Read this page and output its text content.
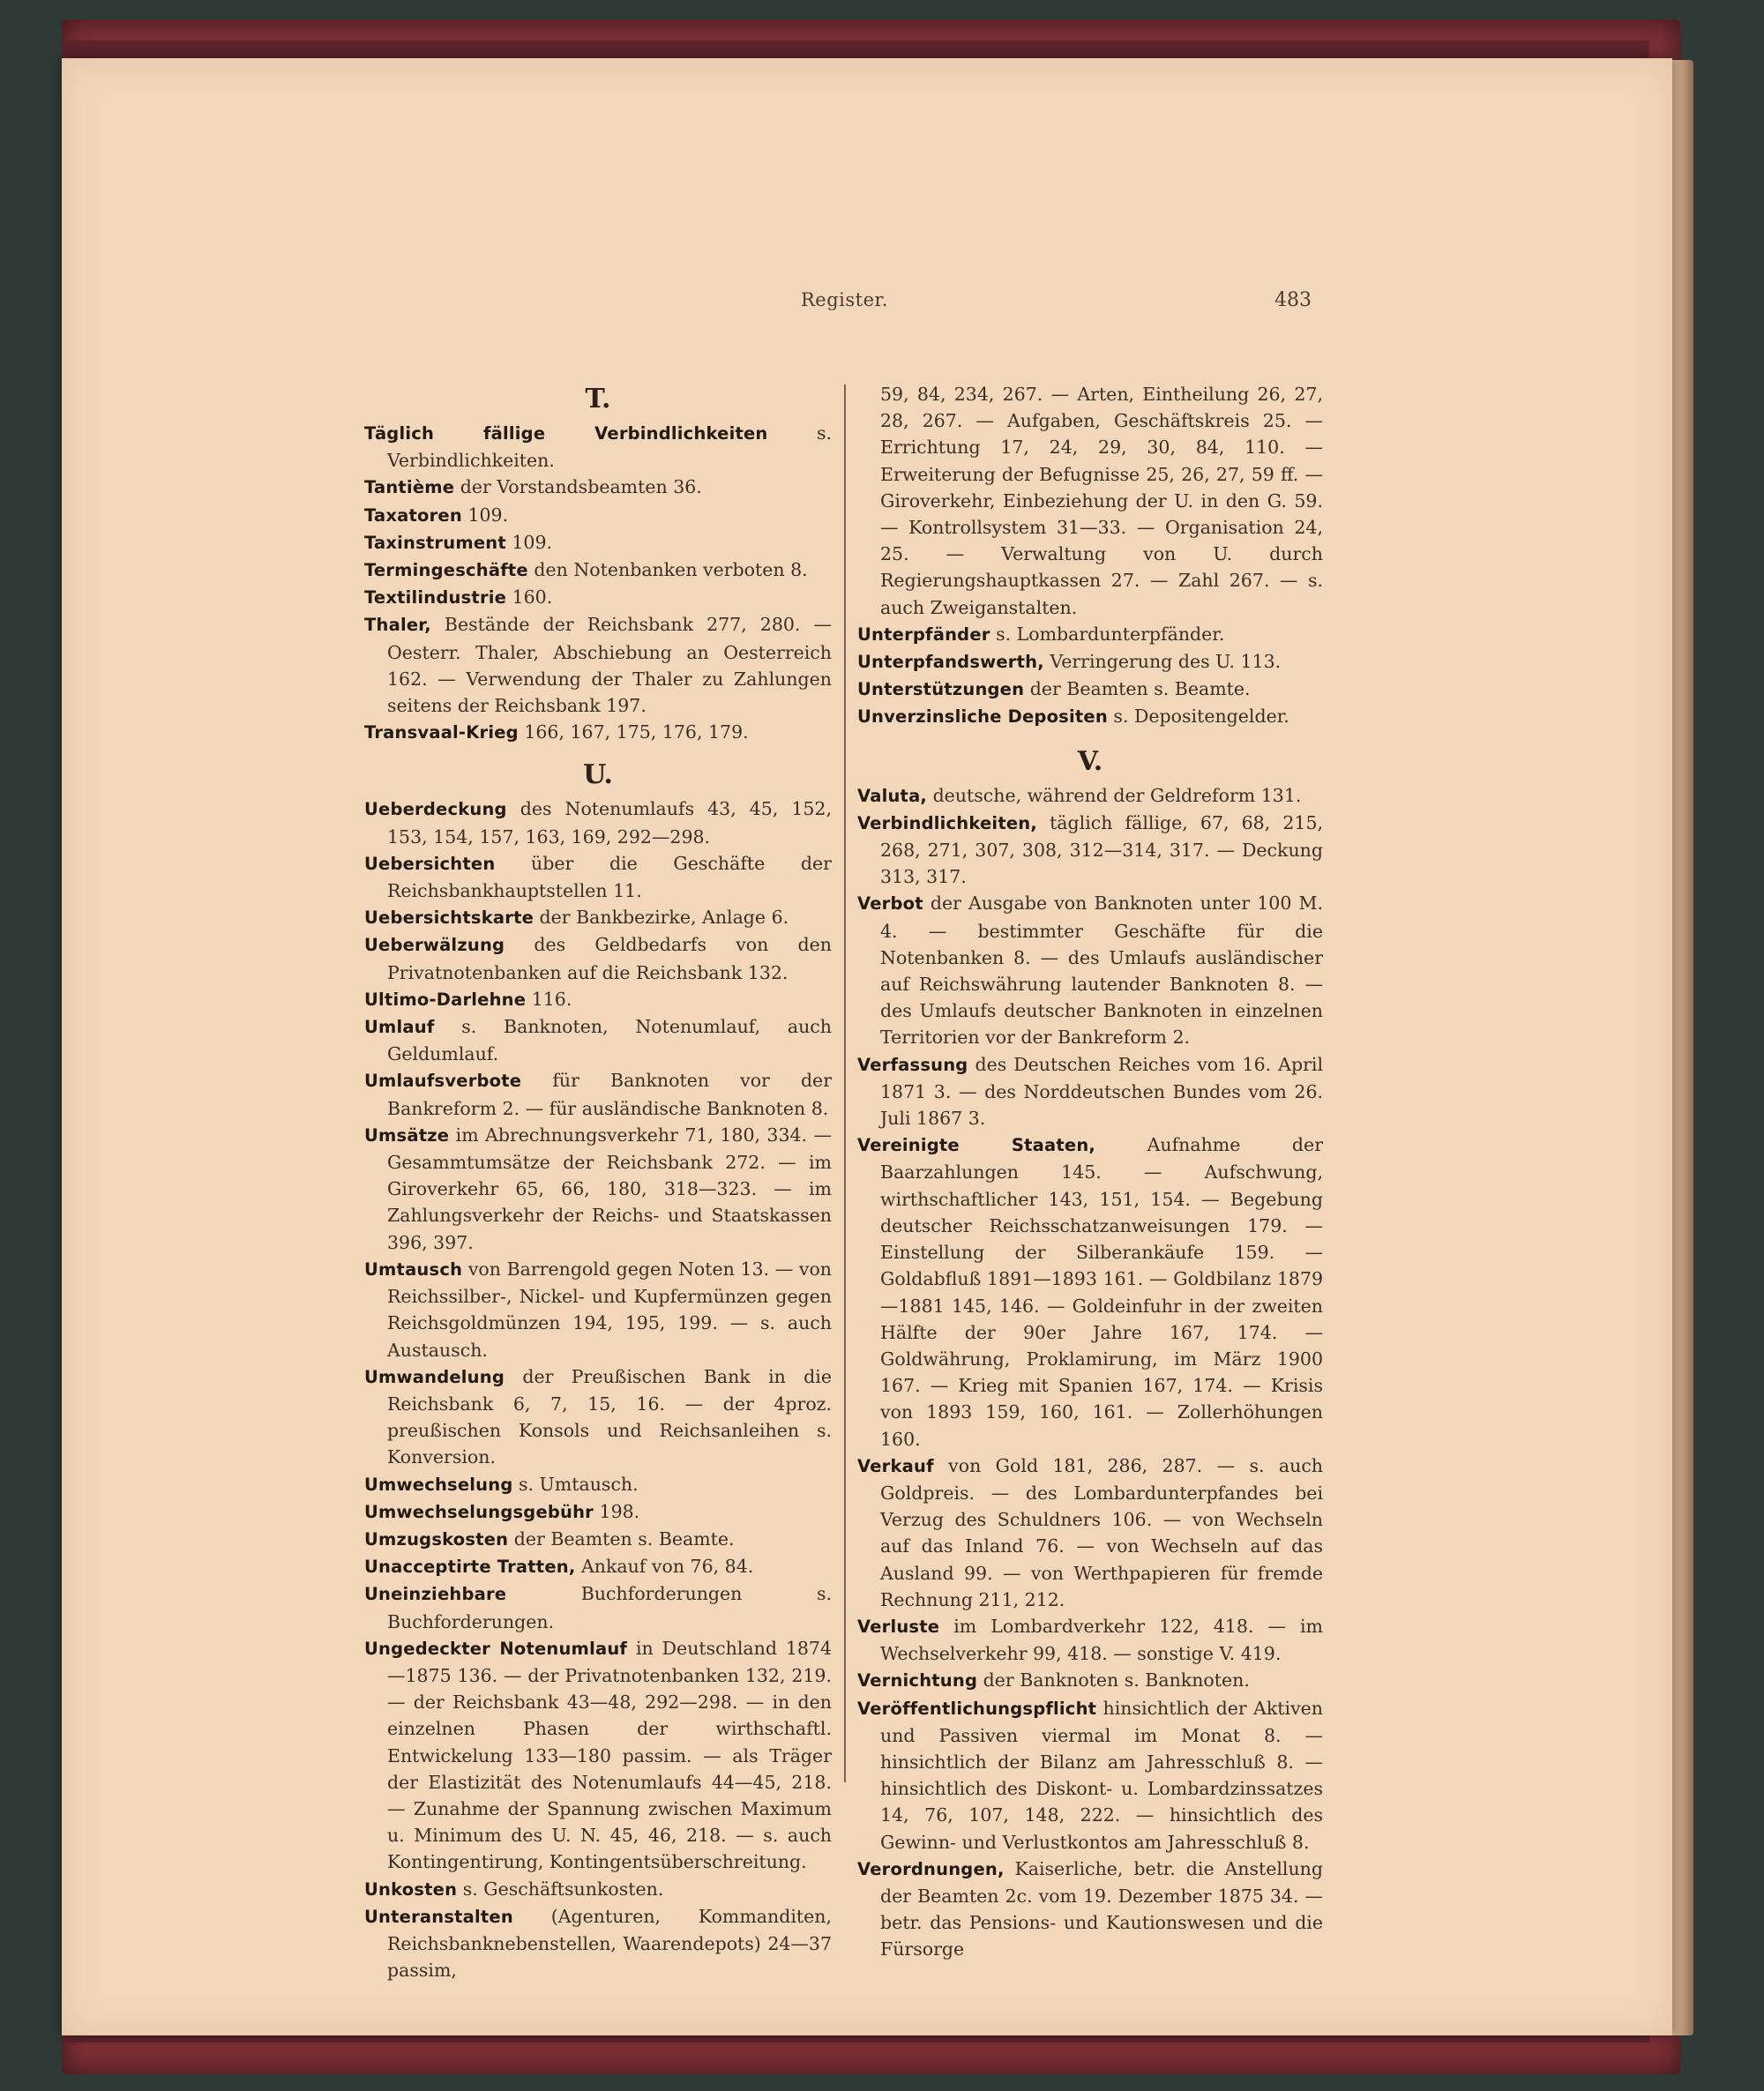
Register.	483
T.

Täglich fällige Verbindlichkeiten s. Verbindlichkeiten.

Tantième der Vorstandsbeamten 36.

Taxatoren 109.

Taxinstrument 109.

Termingeschäfte den Notenbanken verboten 8.

Textilindustrie 160.

Thaler, Bestände der Reichsbank 277, 280. — Oesterr. Thaler, Abschiebung an Oesterreich 162. — Verwendung der Thaler zu Zahlungen seitens der Reichsbank 197.

Transvaal-Krieg 166, 167, 175, 176, 179.

U.

Ueberdeckung des Notenumlaufs 43, 45, 152, 153, 154, 157, 163, 169, 292—298.

Uebersichten über die Geschäfte der Reichsbankhauptstellen 11.

Uebersichtskarte der Bankbezirke, Anlage 6.

Ueberwälzung des Geldbedarfs von den Privatnotenbanken auf die Reichsbank 132.

Ultimo-Darlehne 116.

Umlauf s. Banknoten, Notenumlauf, auch Geldumlauf.

Umlaufsverbote für Banknoten vor der Bankreform 2. — für ausländische Banknoten 8.

Umsätze im Abrechnungsverkehr 71, 180, 334. — Gesammtumsätze der Reichsbank 272. — im Giroverkehr 65, 66, 180, 318—323. — im Zahlungsverkehr der Reichs- und Staatskassen 396, 397.

Umtausch von Barrengold gegen Noten 13. — von Reichssilber-, Nickel- und Kupfermünzen gegen Reichsgoldmünzen 194, 195, 199. — s. auch Austausch.

Umwandelung der Preußischen Bank in die Reichsbank 6, 7, 15, 16. — der 4proz. preußischen Konsols und Reichsanleihen s. Konversion.

Umwechselung s. Umtausch.

Umwechselungsgebühr 198.

Umzugskosten der Beamten s. Beamte.

Unacceptirte Tratten, Ankauf von 76, 84.

Uneinziehbare Buchforderungen s. Buchforderungen.

Ungedeckter Notenumlauf in Deutschland 1874—1875 136. — der Privatnotenbanken 132, 219. — der Reichsbank 43—48, 292—298. — in den einzelnen Phasen der wirthschaftl. Entwickelung 133—180 passim. — als Träger der Elastizität des Notenumlaufs 44—45, 218. — Zunahme der Spannung zwischen Maximum u. Minimum des U. N. 45, 46, 218. — s. auch Kontingentirung, Kontingentsüberschreitung.

Unkosten s. Geschäftsunkosten.

Unteranstalten (Agenturen, Kommanditen, Reichsbanknebenstellen, Waarendepots) 24—37 passim,

59, 84, 234, 267. — Arten, Eintheilung 26, 27, 28, 267. — Aufgaben, Geschäftskreis 25. — Errichtung 17, 24, 29, 30, 84, 110. — Erweiterung der Befugnisse 25, 26, 27, 59 ff. — Giroverkehr, Einbeziehung der U. in den G. 59. — Kontrollsystem 31—33. — Organisation 24, 25. — Verwaltung von U. durch Regierungshauptkassen 27. — Zahl 267. — s. auch Zweiganstalten.

Unterpfänder s. Lombardunterpfänder.

Unterpfandswerth, Verringerung des U. 113.

Unterstützungen der Beamten s. Beamte.

Unverzinsliche Depositen s. Depositengelder.

V.

Valuta, deutsche, während der Geldreform 131.

Verbindlichkeiten, täglich fällige, 67, 68, 215, 268, 271, 307, 308, 312—314, 317. — Deckung 313, 317.

Verbot der Ausgabe von Banknoten unter 100 M. 4. — bestimmter Geschäfte für die Notenbanken 8. — des Umlaufs ausländischer auf Reichswährung lautender Banknoten 8. — des Umlaufs deutscher Banknoten in einzelnen Territorien vor der Bankreform 2.

Verfassung des Deutschen Reiches vom 16. April 1871 3. — des Norddeutschen Bundes vom 26. Juli 1867 3.

Vereinigte Staaten, Aufnahme der Baarzahlungen 145. — Aufschwung, wirthschaftlicher 143, 151, 154. — Begebung deutscher Reichsschatzanweisungen 179. — Einstellung der Silberankäufe 159. — Goldabfluß 1891—1893 161. — Goldbilanz 1879—1881 145, 146. — Goldeinfuhr in der zweiten Hälfte der 90er Jahre 167, 174. — Goldwährung, Proklamirung, im März 1900 167. — Krieg mit Spanien 167, 174. — Krisis von 1893 159, 160, 161. — Zollerhöhungen 160.

Verkauf von Gold 181, 286, 287. — s. auch Goldpreis. — des Lombardunterpfandes bei Verzug des Schuldners 106. — von Wechseln auf das Inland 76. — von Wechseln auf das Ausland 99. — von Werthpapieren für fremde Rechnung 211, 212.

Verluste im Lombardverkehr 122, 418. — im Wechselverkehr 99, 418. — sonstige V. 419.

Vernichtung der Banknoten s. Banknoten.

Veröffentlichungspflicht hinsichtlich der Aktiven und Passiven viermal im Monat 8. — hinsichtlich der Bilanz am Jahresschluß 8. — hinsichtlich des Diskont- u. Lombardzinssatzes 14, 76, 107, 148, 222. — hinsichtlich des Gewinn- und Verlustkontos am Jahresschluß 8.

Verordnungen, Kaiserliche, betr. die Anstellung der Beamten 2c. vom 19. Dezember 1875 34. — betr. das Pensions- und Kautionswesen und die Fürsorge
